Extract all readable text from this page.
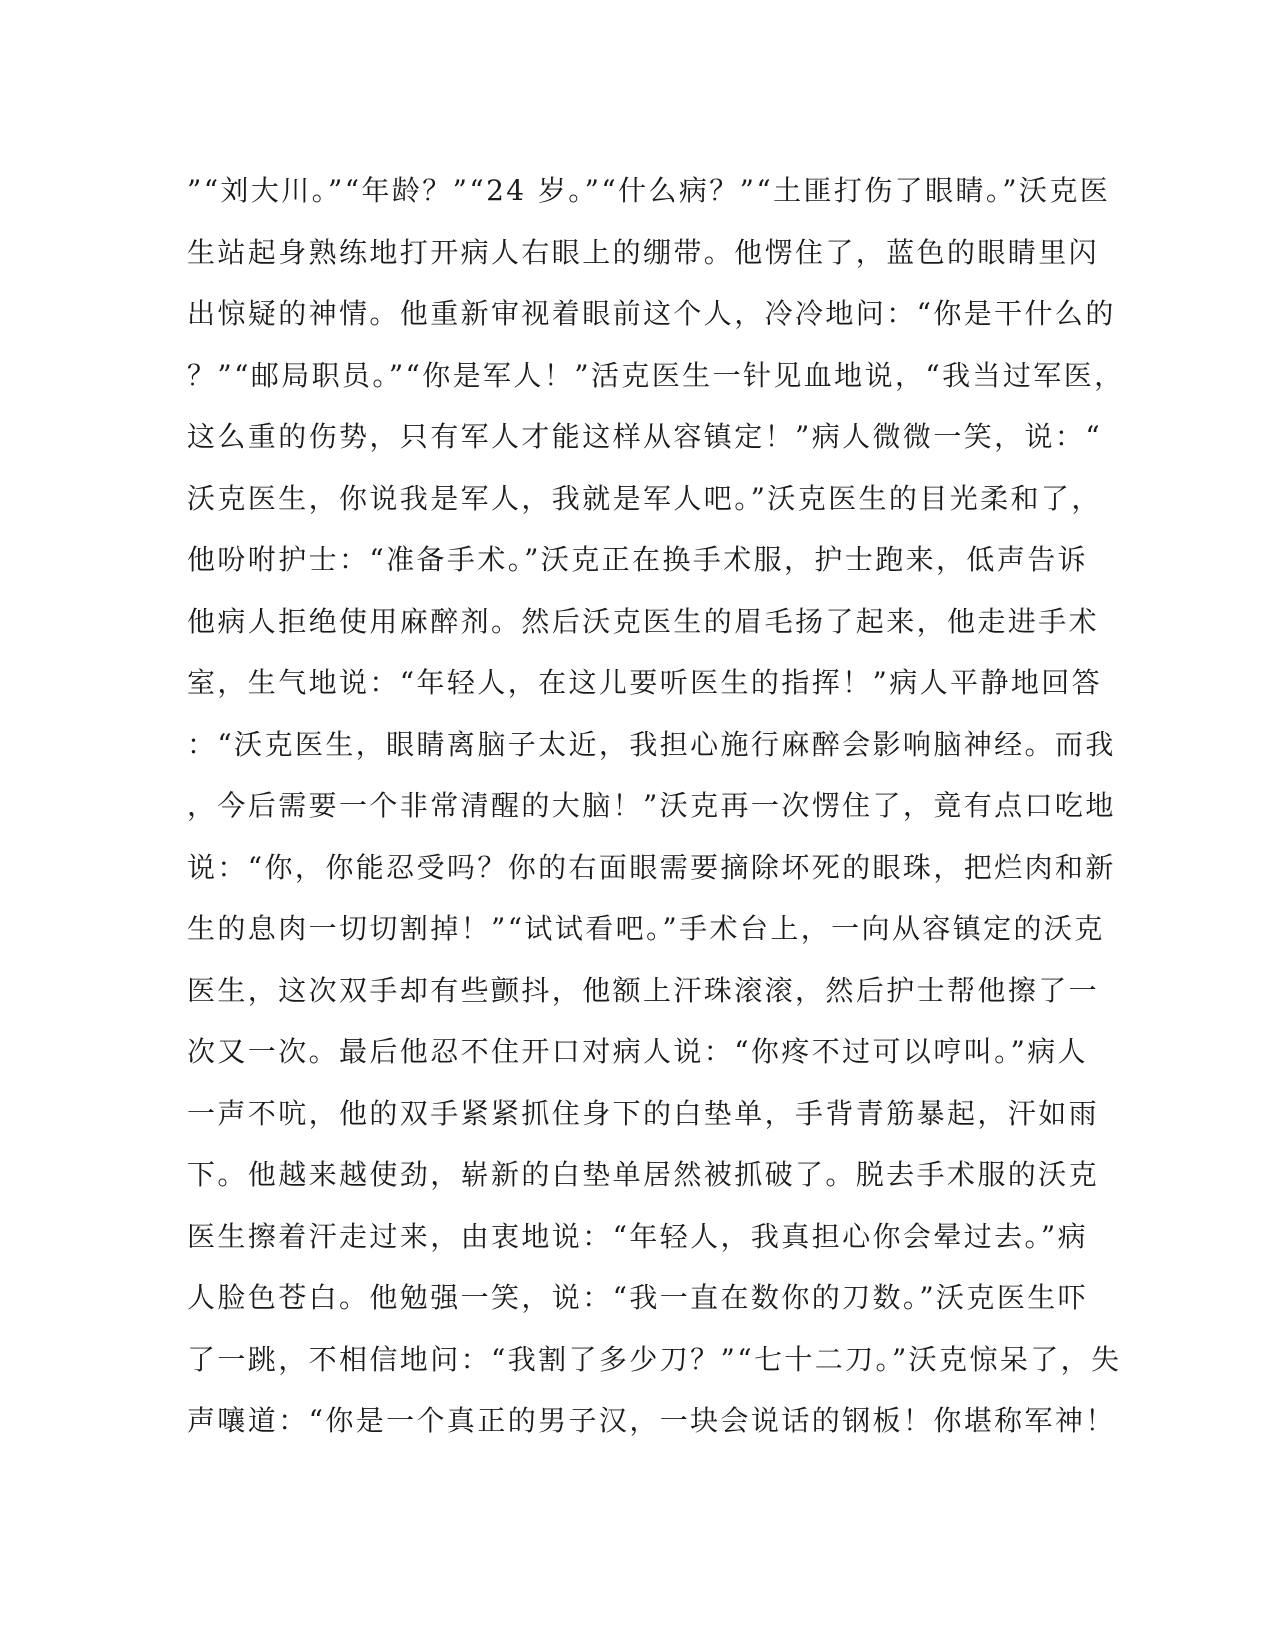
”“刘大川。”“年龄？”“24 岁。”“什么病？”“土匪打伤了眼睛。”沃克医
生站起身熟练地打开病人右眼上的绷带。他愣住了，蓝色的眼睛里闪
出惊疑的神情。他重新审视着眼前这个人，冷冷地问：“你是干什么的
？”“邮局职员。”“你是军人！”活克医生一针见血地说，“我当过军医，
这么重的伤势，只有军人才能这样从容镇定！”病人微微一笑，说：“
沃克医生，你说我是军人，我就是军人吧。”沃克医生的目光柔和了，
他吩咐护士：“准备手术。”沃克正在换手术服，护士跑来，低声告诉
他病人拒绝使用麻醉剂。然后沃克医生的眉毛扬了起来，他走进手术
室，生气地说：“年轻人，在这儿要听医生的指挥！”病人平静地回答
：“沃克医生，眼睛离脑子太近，我担心施行麻醉会影响脑神经。而我
，今后需要一个非常清醒的大脑！”沃克再一次愣住了，竟有点口吃地
说：“你，你能忍受吗？你的右面眼需要摘除坏死的眼珠，把烂肉和新
生的息肉一切切割掉！”“试试看吧。”手术台上，一向从容镇定的沃克
医生，这次双手却有些颤抖，他额上汗珠滚滚，然后护士帮他擦了一
次又一次。最后他忍不住开口对病人说：“你疼不过可以哼叫。”病人
一声不吭，他的双手紧紧抓住身下的白垫单，手背青筋暴起，汗如雨
下。他越来越使劲，崭新的白垫单居然被抓破了。脱去手术服的沃克
医生擦着汗走过来，由衷地说：“年轻人，我真担心你会晕过去。”病
人脸色苍白。他勉强一笑，说：“我一直在数你的刀数。”沃克医生吓
了一跳，不相信地问：“我割了多少刀？”“七十二刀。”沃克惊呆了，失
声嚷道：“你是一个真正的男子汉，一块会说话的钢板！你堪称军神！
